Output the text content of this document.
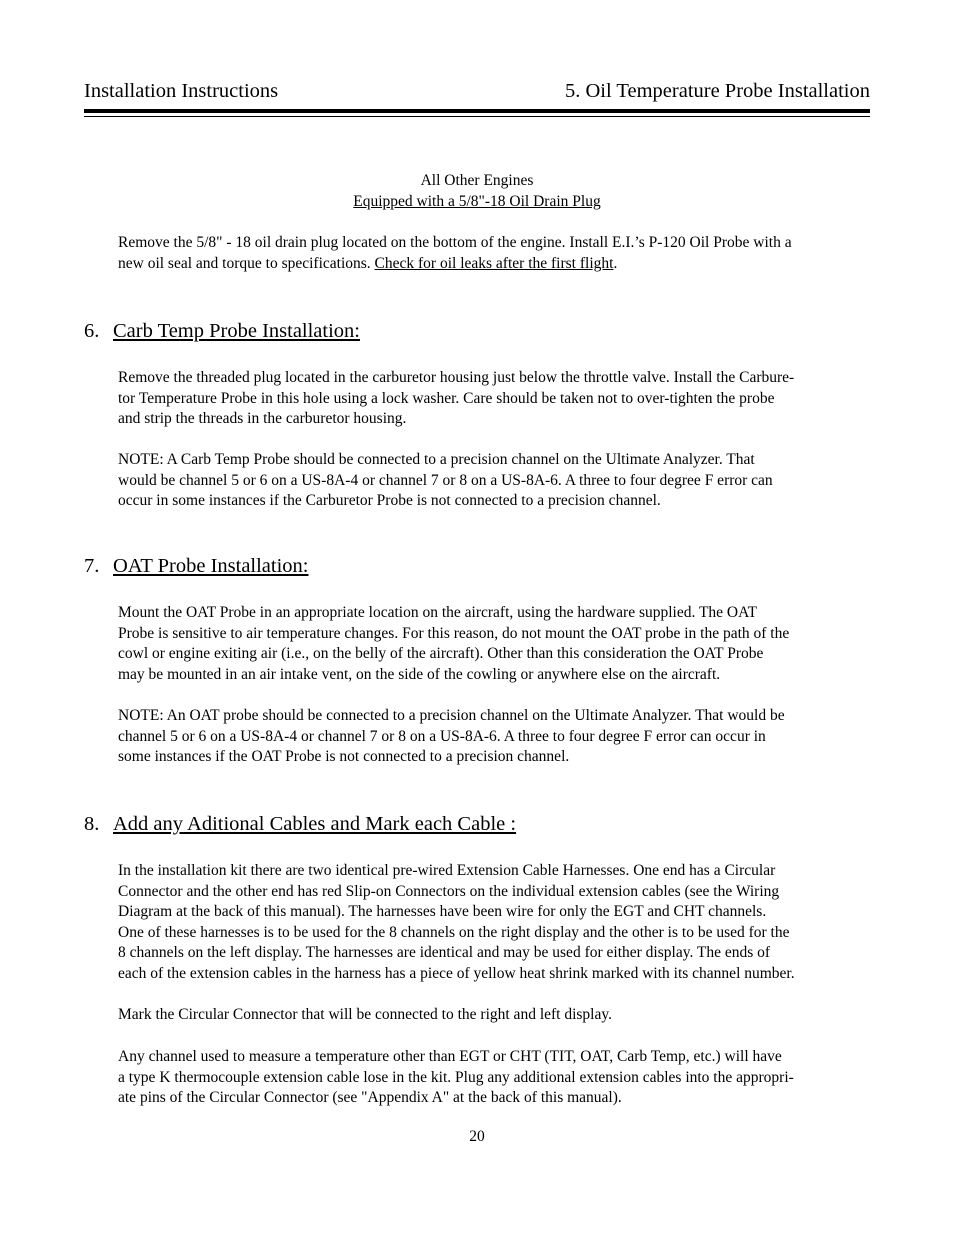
Installation Instructions	5. Oil Temperature Probe Installation
All Other Engines
Equipped with a 5/8"-18 Oil Drain Plug
Remove the 5/8" - 18 oil drain plug located on the bottom of the engine. Install E.I.’s P-120 Oil Probe with a
new oil seal and torque to specifications. Check for oil leaks after the first flight.
6. Carb Temp Probe Installation:
Remove the threaded plug located in the carburetor housing just below the throttle valve. Install the Carbure-
tor Temperature Probe in this hole using a lock washer. Care should be taken not to over-tighten the probe
and strip the threads in the carburetor housing.
NOTE: A Carb Temp Probe should be connected to a precision channel on the Ultimate Analyzer. That
would be channel 5 or 6 on a US-8A-4 or channel 7 or 8 on a US-8A-6. A three to four degree F error can
occur in some instances if the Carburetor Probe is not connected to a precision channel.
7. OAT Probe Installation:
Mount the OAT Probe in an appropriate location on the aircraft, using the hardware supplied. The OAT
Probe is sensitive to air temperature changes. For this reason, do not mount the OAT probe in the path of the
cowl or engine exiting air (i.e., on the belly of the aircraft). Other than this consideration the OAT Probe
may be mounted in an air intake vent, on the side of the cowling or anywhere else on the aircraft.
NOTE: An OAT probe should be connected to a precision channel on the Ultimate Analyzer. That would be
channel 5 or 6 on a US-8A-4 or channel 7 or 8 on a US-8A-6. A three to four degree F error can occur in
some instances if the OAT Probe is not connected to a precision channel.
8. Add any Aditional Cables and Mark each Cable :
In the installation kit there are two identical pre-wired Extension Cable Harnesses. One end has a Circular
Connector and the other end has red Slip-on Connectors on the individual extension cables (see the Wiring
Diagram at the back of this manual). The harnesses have been wire for only the EGT and CHT channels.
One of these harnesses is to be used for the 8 channels on the right display and the other is to be used for the
8 channels on the left display. The harnesses are identical and may be used for either display. The ends of
each of the extension cables in the harness has a piece of yellow heat shrink marked with its channel number.
Mark the Circular Connector that will be connected to the right and left display.
Any channel used to measure a temperature other than EGT or CHT (TIT, OAT, Carb Temp, etc.) will have
a type K thermocouple extension cable lose in the kit. Plug any additional extension cables into the appropri-
ate pins of the Circular Connector (see "Appendix A" at the back of this manual).
20
